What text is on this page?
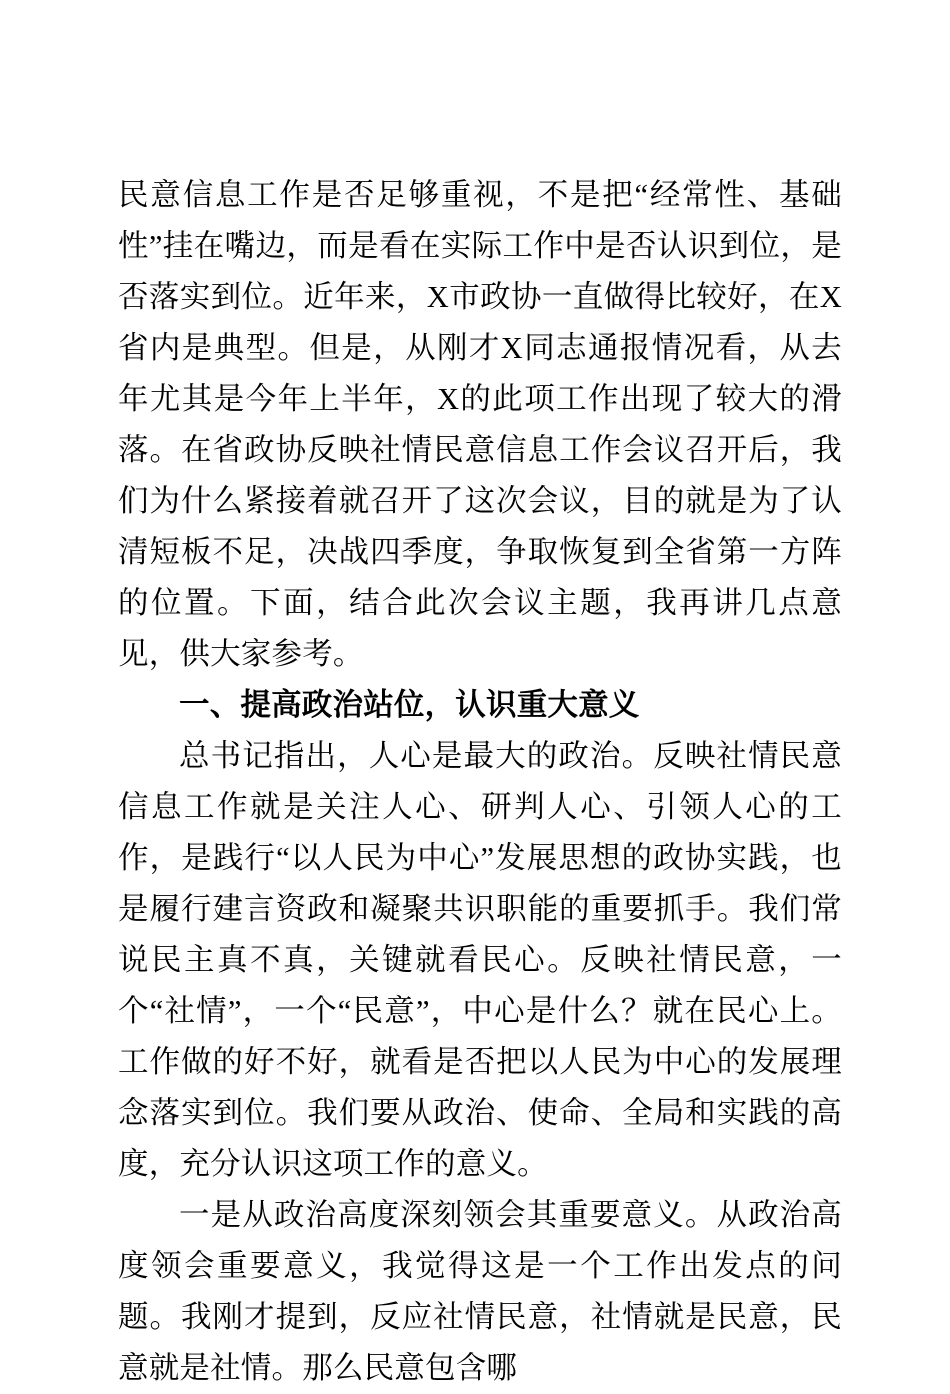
民意信息工作是否足够重视，不是把“经常性、基础性”挂在嘴边，而是看在实际工作中是否认识到位，是否落实到位。近年来，X市政协一直做得比较好，在X省内是典型。但是，从刚才X同志通报情况看，从去年尤其是今年上半年，X的此项工作出现了较大的滑落。在省政协反映社情民意信息工作会议召开后，我们为什么紧接着就召开了这次会议，目的就是为了认清短板不足，决战四季度，争取恢复到全省第一方阵的位置。下面，结合此次会议主题，我再讲几点意见，供大家参考。

一、提高政治站位，认识重大意义

总书记指出，人心是最大的政治。反映社情民意信息工作就是关注人心、研判人心、引领人心的工作，是践行“以人民为中心”发展思想的政协实践，也是履行建言资政和凝聚共识职能的重要抓手。我们常说民主真不真，关键就看民心。反映社情民意，一个“社情”，一个“民意”，中心是什么？就在民心上。工作做的好不好，就看是否把以人民为中心的发展理念落实到位。我们要从政治、使命、全局和实践的高度，充分认识这项工作的意义。

一是从政治高度深刻领会其重要意义。从政治高度领会重要意义，我觉得这是一个工作出发点的问题。我刚才提到，反应社情民意，社情就是民意，民意就是社情。那么民意包含哪
